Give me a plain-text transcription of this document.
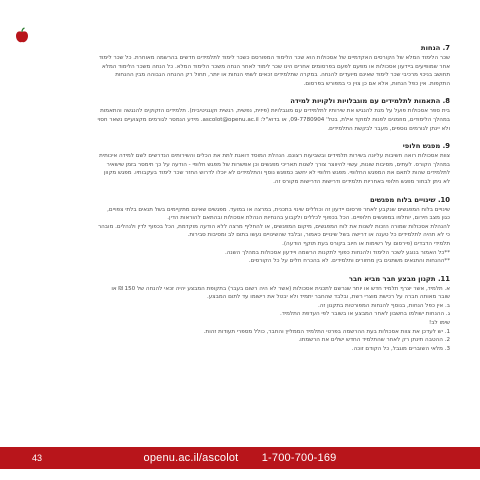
7. הנחות
שכר הלימוד המלא של הקורסים האקדמיים של אסכולות הוא שכר הלימוד המפורסם כשכר לימוד לתלמידים חדשים בהרשמה מאוחרת. כל שכר לימוד
אחר שמופיעים ביידעון אסכולות או מפעם לפעם בפרסומים אחרים הינו שכר לימוד לאחר הנחה משכר הלימוד המלא. כל הנחה משכר הלימוד המלא
תחושב בניכוי מרכיבי שכר לימוד שאינם מיועדים להנחה. במקרה שתלמידים זכאים לשתי הנחות או יותר, תחול רק ההנחה הגבוהה מבין ההנחות
התקפות. אין כפל הנחות, אלא אם כן צוין כי במפורש בפרסום.
8. התאמות לתלמידים עם מוגבלויות ולקויות למידה
בית ספר אסכולות פועל על מנת להנגיש את שירותיו לתלמידים עם מוגבלויות (פיזית, נפשית, רגשית וקוגניטיבית). תלמידים הזקוקים להנגשה והתאמות
במהלך הלימודים, מוזמנים לפנות למוקד אילת, בטל' 09-7780904, או בדוא"ל: ascolot@openu.ac.il. מידע הנמסר לגורמים מקצועיים נשאר חסוי
ולא יינתן לגורמים נוספים, מעבר לבקשת התלמידים.
9. מפגש חלופי
צוות אסכולות רואה חשיבות עליונה בשירות תלמידים ובשביעות רצונם. הנהלת המוסד דואגת לתת את הכלים והשירותים הנדרשים לשם למידה איכותית
במהלך הקורס. לעתים, מסיבות שונות, עשוי להיווצר צורך לשנות תאריכי מפגשים וכן אפשרות של מפגש חלופי - הודעה על כך תימסר בזמן שישאיר
לתלמידים שהות לתאם את המפגש החלופי. מפגש חלופי לא יחשב כמפגש נוסף והתלמידים לא יוכלו לדרוש החזר שכר לימוד בעקבותיו. מפגש מקוון
לא ניתן לבחור מפגש חלופי באחריות תלמידים ודרישות הדרישות מקורס זה.
10. שינויים בלוח מפגשים
שינויים בלוח המפגשים שנקבע לאחר פרסום יידעון זה וכוללים שינוי בתכנית, במרצה או במועד. מפגשים שאינם מתקיימים בשל תנאים בלתי צפויים,
כגון מצב חירום, יוחלפו במפגשים חלופיים. הכל בכפוף לכללים ולקבוע בהנחיות הנהלת אסכולות ובהתאם להוראות הדין.
להנהלת אסכולות שמורה הזכות לשנות את לוח המפגשים, מיקום המפגשים, או להחליף מרצה ללא הודעה מוקדמת, הכל בכפוף לדין ולנהלים. מובהר
כי לא תהיה לתלמידים כל טענה או דרישה בשל שינויים כאמור, ובלבד שהשינויים נעשו בתום לב ומסיבות סבירות.
תלמידי הדבדים (פירסום על רשימות או חיוב בקורס בעת תוקף הודעה).
**כל האמור בנוגע לשכר הלימוד ולהנחות כפוף לתקנות הרשמה ויידעון אסכולות במהלך השנה.
**ההנחות והתנאים משתנים בין מחזורים ותלמידים. לא בהכרח חלים על כל הקורסים.
11. תקנון מבצע חבר מביא חבר
א. תלמיד, אשר יצרף תלמיד חדש או יותר שנרשם לתכנית אסכולות (אשר לא היה רשום בעבר) בתקופת המבצע יהיה זכאי להנחה של 150 ₪ או
שובר מאותה חברה על רכישת מוצרי רשת, ובלבד שהחבר יתמיד ולא יבטל את רישומו עד לתום המבצע.
ב. אין כפל הנחות, בנוסף להנחות המפורטות בתקנון זה.
ג. ההנחות ישולמו בחשבון לאחר המבצע או בשובר לפי העדפת התלמיד.
שימו לב!
1. יש לעדכן את צוות אסכולות בעת ההרשמה בפרטי התלמיד הממליץ והחבר, כולל מספרי תעודות זהות.
2. ההטבה תינתן רק לאחר שהתלמיד החדש ישלים את הרשמתו.
3. מלאי השוברים מוגבל, כל הקודם זוכה.
openu.ac.il/ascolot 1-700-700-169
43
